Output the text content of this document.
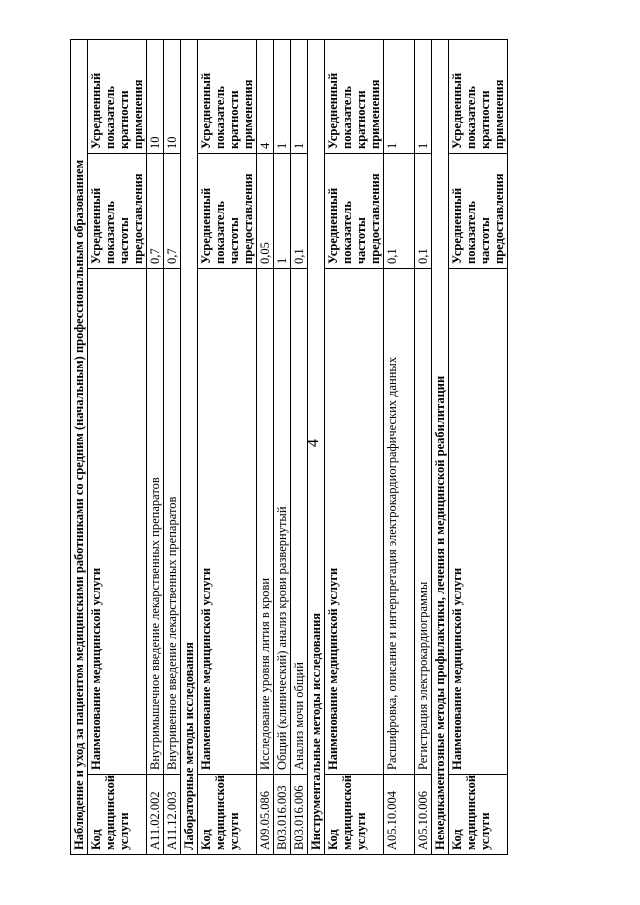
4
Наблюдение и уход за пациентом медицинскими работниками со средним (начальным) профессиональным образованием			
Код медицинской услуги	Наименование медицинской услуги	Усредненный показатель частоты предоставления	Усредненный показатель кратности применения
A11.02.002	Внутримышечное введение лекарственных препаратов	0,7	10
A11.12.003	Внутривенное введение лекарственных препаратов	0,7	10
Лабораторные методы исследования			
Код медицинской услуги	Наименование медицинской услуги	Усредненный показатель частоты предоставления	Усредненный показатель кратности применения
A09.05.086	Исследование уровня лития в крови	0,05	4
B03.016.003	Общий (клинический) анализ крови развернутый	1	1
B03.016.006	Анализ мочи общий	0,1	1
Инструментальные методы исследования			
Код медицинской услуги	Наименование медицинской услуги	Усредненный показатель частоты предоставления	Усредненный показатель кратности применения
A05.10.004	Расшифровка, описание и интерпретация электрокардиографических данных	0,1	1
A05.10.006	Регистрация электрокардиограммы	0,1	1
Немедикаментозные методы профилактики, лечения и медицинской реабилитации			
Код медицинской услуги	Наименование медицинской услуги	Усредненный показатель частоты предоставления	Усредненный показатель кратности применения
